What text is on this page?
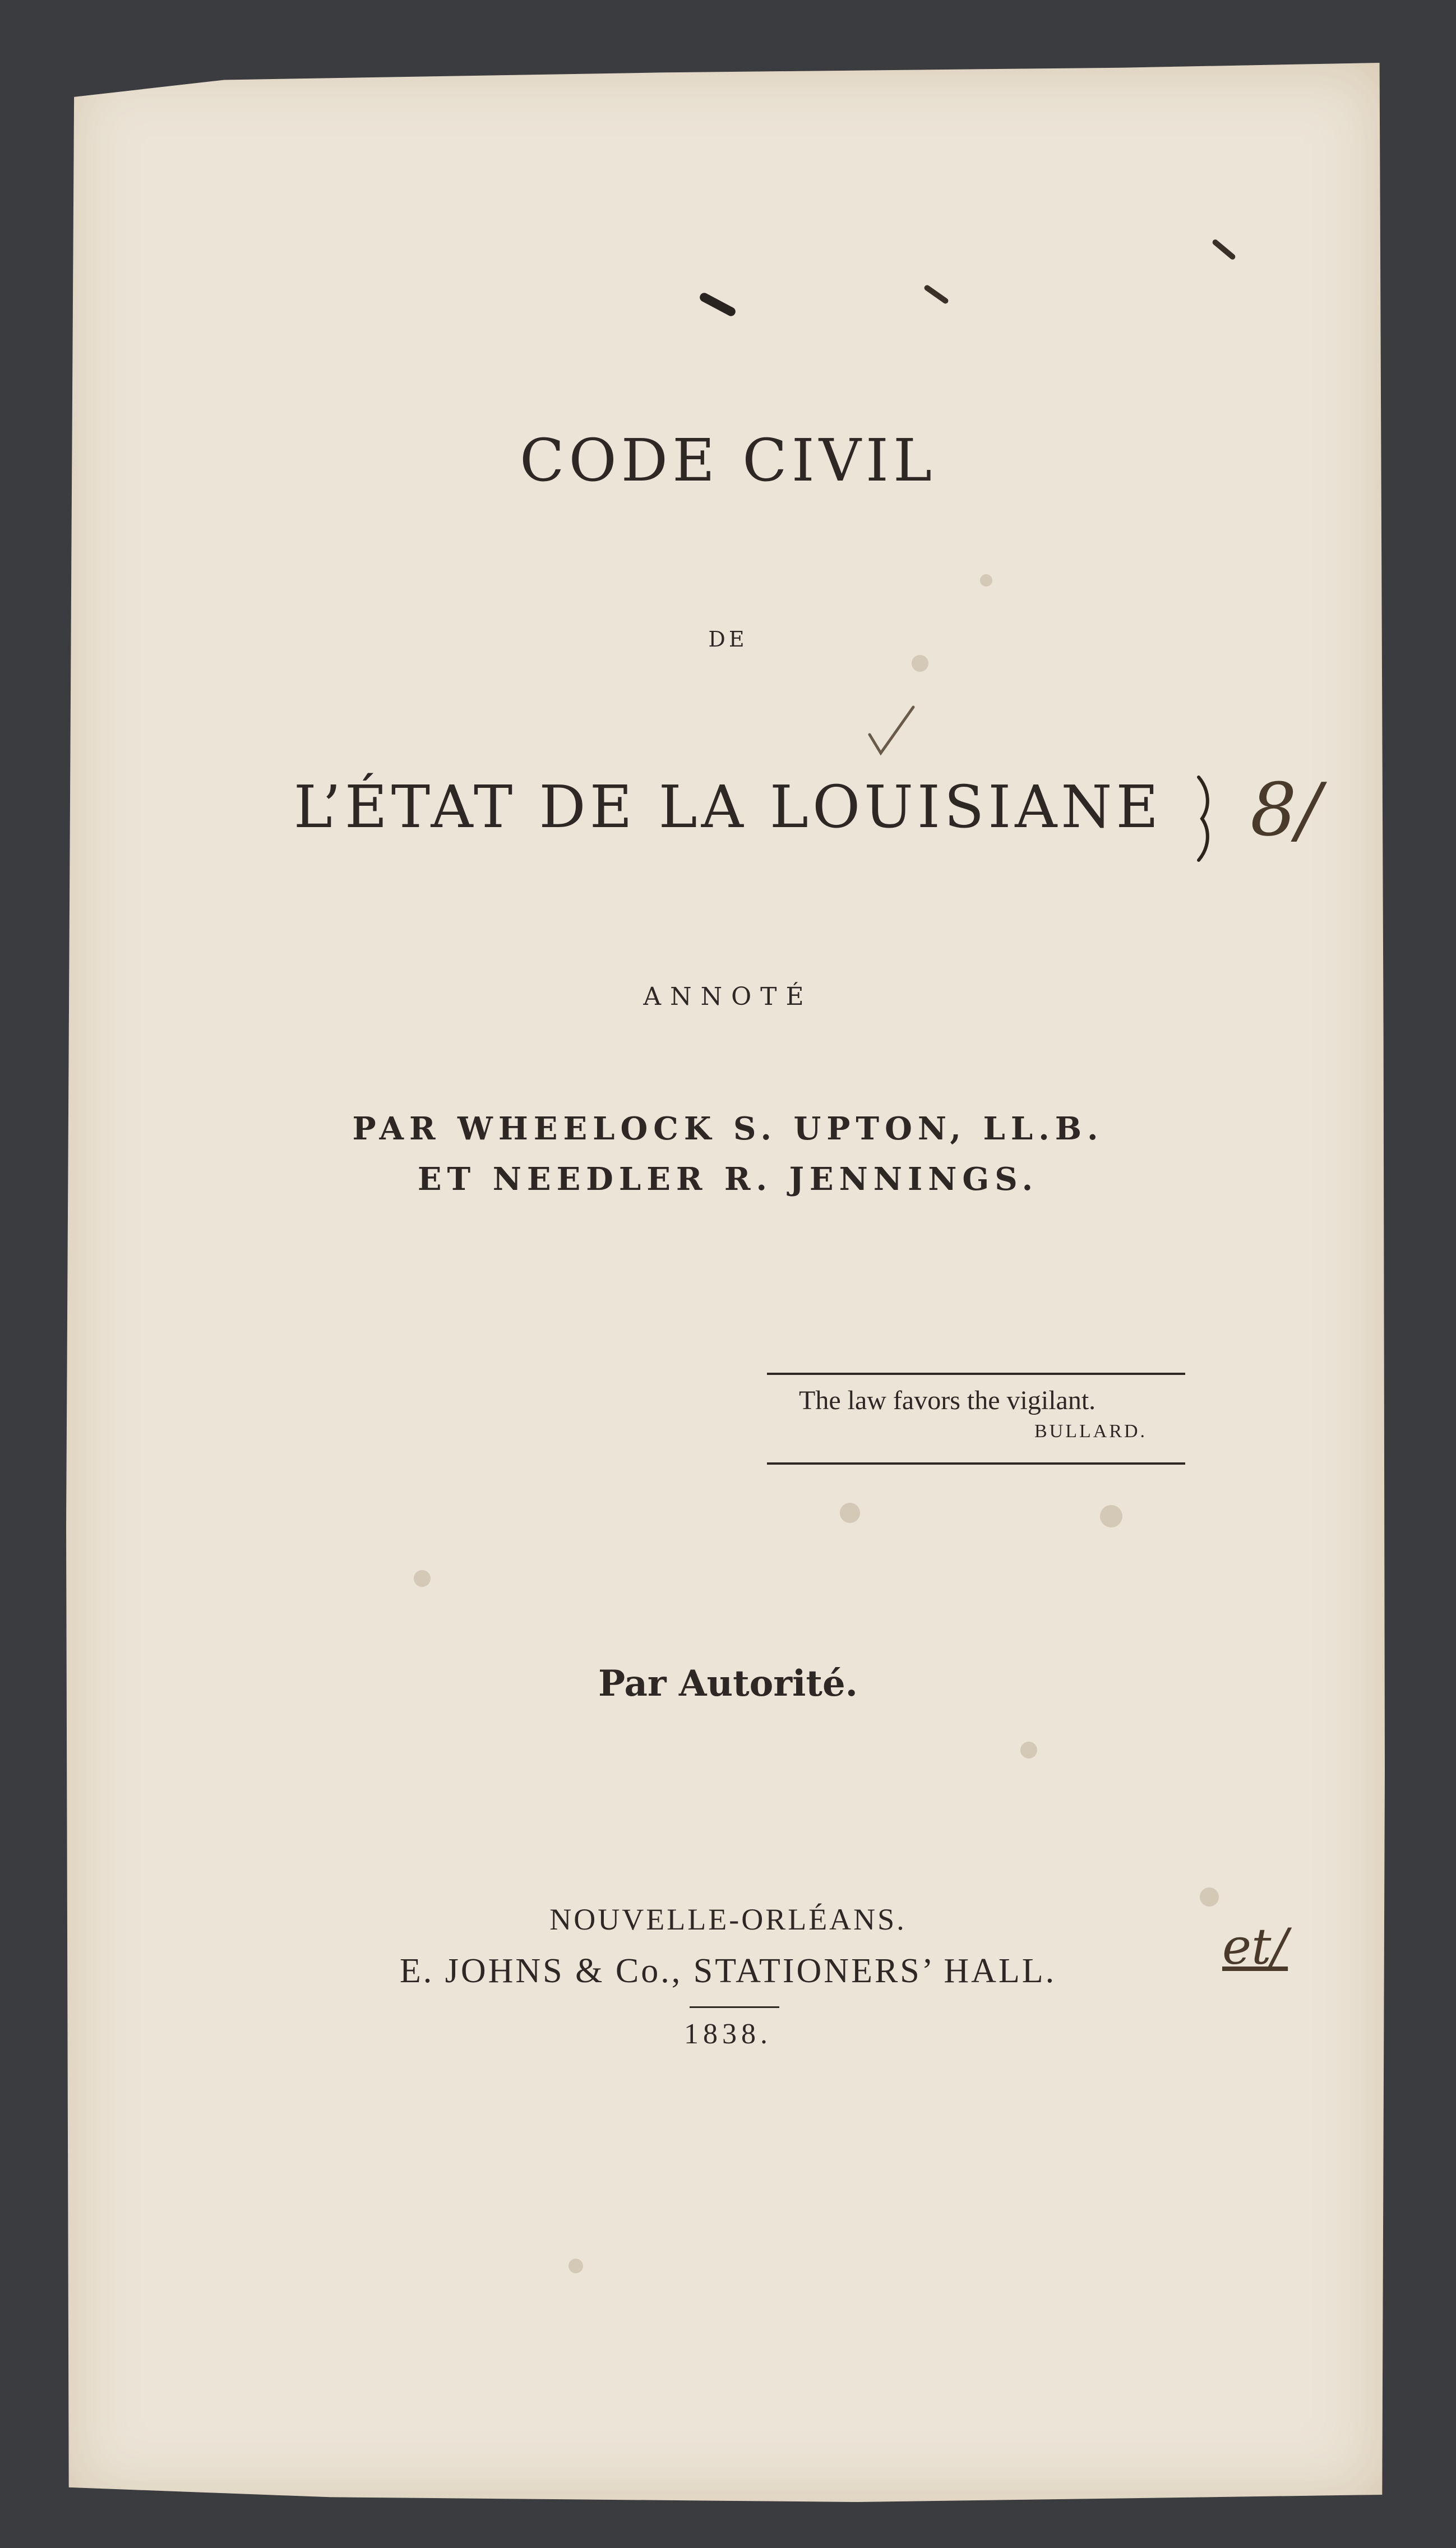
CODE CIVIL
DE
L’ÉTAT DE LA LOUISIANE
ANNOTÉ
PAR WHEELOCK S. UPTON, LL.B.
ET NEEDLER R. JENNINGS.
The law favors the vigilant.
BULLARD.
Par Autorité.
NOUVELLE-ORLÉANS.
E. JOHNS & Co., STATIONERS’ HALL.
1838.
8/
et/
